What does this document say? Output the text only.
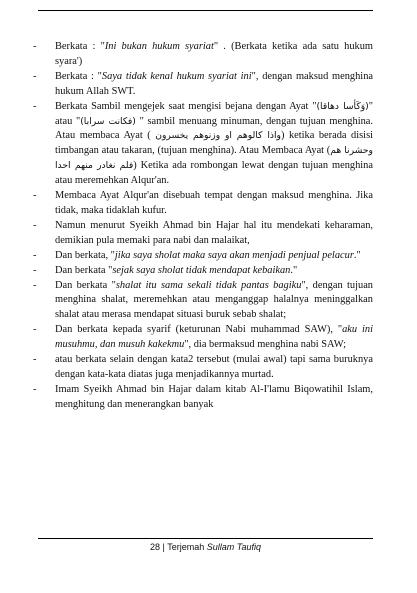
- Berkata : "Ini bukan hukum syariat" . (Berkata ketika ada satu hukum syara')
- Berkata : "Saya tidak kenal hukum syariat ini", dengan maksud menghina hukum Allah SWT.
- Berkata Sambil mengejek saat mengisi bejana dengan Ayat "(وَكَأسا دهاقا)" atau "(فكانت سرابا) " sambil menuang minuman, dengan tujuan menghina. Atau membaca Ayat ( واذا كالوهم او وزنوهم يخسرون) ketika berada disisi timbangan atau takaran, (tujuan menghina). Atau Membaca Ayat (وحشرنا هم فلم نغادر منهم احدا) Ketika ada rombongan lewat dengan tujuan menghina atau meremehkan Alqur'an.
- Membaca Ayat Alqur'an disebuah tempat dengan maksud menghina. Jika tidak, maka tidaklah kufur.
- Namun menurut Syeikh Ahmad bin Hajar hal itu mendekati keharaman, demikian pula memaki para nabi dan malaikat,
- Dan berkata, "jika saya sholat maka saya akan menjadi penjual pelacur."
- Dan berkata "sejak saya sholat tidak mendapat kebaikan."
- Dan berkata "shalat itu sama sekali tidak pantas bagiku", dengan tujuan menghina shalat, meremehkan atau menganggap halalnya meninggalkan shalat atau merasa mendapat situasi buruk sebab shalat;
- Dan berkata kepada syarif (keturunan Nabi muhammad SAW), "aku ini musuhmu, dan musuh kakekmu", dia bermaksud menghina nabi SAW;
- atau berkata selain dengan kata2 tersebut (mulai awal) tapi sama buruknya dengan kata-kata diatas juga menjadikannya murtad.
- Imam Syeikh Ahmad bin Hajar dalam kitab Al-I'lamu Biqowatihil Islam, menghitung dan menerangkan banyak
28 | Terjemah Sullam Taufiq
